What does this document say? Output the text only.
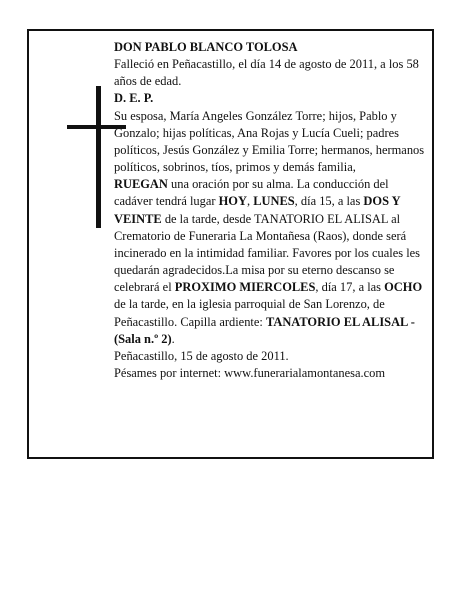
DON PABLO BLANCO TOLOSA

Falleció en Peñacastillo, el día 14 de agosto de 2011, a los 58 años de edad.

D. E. P.

Su esposa, María Angeles González Torre; hijos, Pablo y Gonzalo; hijas políticas, Ana Rojas y Lucía Cueli; padres políticos, Jesús González y Emilia Torre; hermanos, hermanos políticos, sobrinos, tíos, primos y demás familia,

RUEGAN una oración por su alma. La conducción del cadáver tendrá lugar HOY, LUNES, día 15, a las DOS Y VEINTE de la tarde, desde TANATORIO EL ALISAL al Crematorio de Funeraria La Montañesa (Raos), donde será incinerado en la intimidad familiar. Favores por los cuales les quedarán agradecidos.La misa por su eterno descanso se celebrará el PROXIMO MIERCOLES, día 17, a las OCHO de la tarde, en la iglesia parroquial de San Lorenzo, de Peñacastillo. Capilla ardiente: TANATORIO EL ALISAL - (Sala n.º 2).

Peñacastillo, 15 de agosto de 2011.

Pésames por internet: www.funerarialamontanesa.com
